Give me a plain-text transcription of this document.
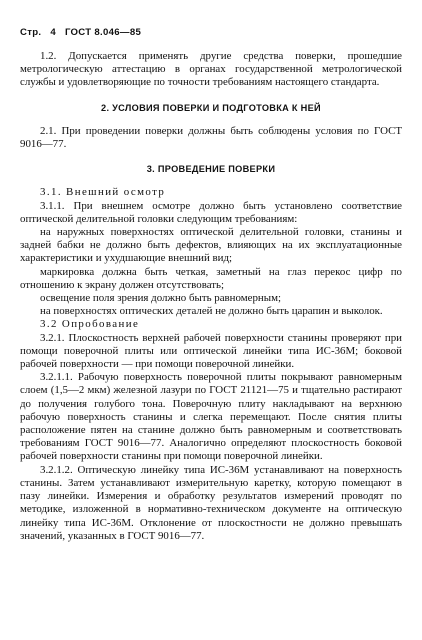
Стр. 4 ГОСТ 8.046—85

1.2. Допускается применять другие средства поверки, прошедшие метрологическую аттестацию в органах государственной метрологической службы и удовлетворяющие по точности требованиям настоящего стандарта.

2. УСЛОВИЯ ПОВЕРКИ И ПОДГОТОВКА К НЕЙ

2.1. При проведении поверки должны быть соблюдены условия по ГОСТ 9016—77.

3. ПРОВЕДЕНИЕ ПОВЕРКИ

3.1. Внешний осмотр

3.1.1. При внешнем осмотре должно быть установлено соответствие оптической делительной головки следующим требованиям:

на наружных поверхностях оптической делительной головки, станины и задней бабки не должно быть дефектов, влияющих на их эксплуатационные характеристики и ухудшающие внешний вид;

маркировка должна быть четкая, заметный на глаз перекос цифр по отношению к экрану должен отсутствовать;

освещение поля зрения должно быть равномерным;

на поверхностях оптических деталей не должно быть царапин и выколок.

3.2 Опробование

3.2.1. Плоскостность верхней рабочей поверхности станины проверяют при помощи поверочной плиты или оптической линейки типа ИС-36М; боковой рабочей поверхности — при помощи поверочной линейки.

3.2.1.1. Рабочую поверхность поверочной плиты покрывают равномерным слоем (1,5—2 мкм) железной лазури по ГОСТ 21121—75 и тщательно растирают до получения голубого тона. Поверочную плиту накладывают на верхнюю рабочую поверхность станины и слегка перемещают. После снятия плиты расположение пятен на станине должно быть равномерным и соответствовать требованиям ГОСТ 9016—77. Аналогично определяют плоскостность боковой рабочей поверхности станины при помощи поверочной линейки.

3.2.1.2. Оптическую линейку типа ИС-36М устанавливают на поверхность станины. Затем устанавливают измерительную каретку, которую помещают в пазу линейки. Измерения и обработку результатов измерений проводят по методике, изложенной в нормативно-техническом документе на оптическую линейку типа ИС-36М. Отклонение от плоскостности не должно превышать значений, указанных в ГОСТ 9016—77.
